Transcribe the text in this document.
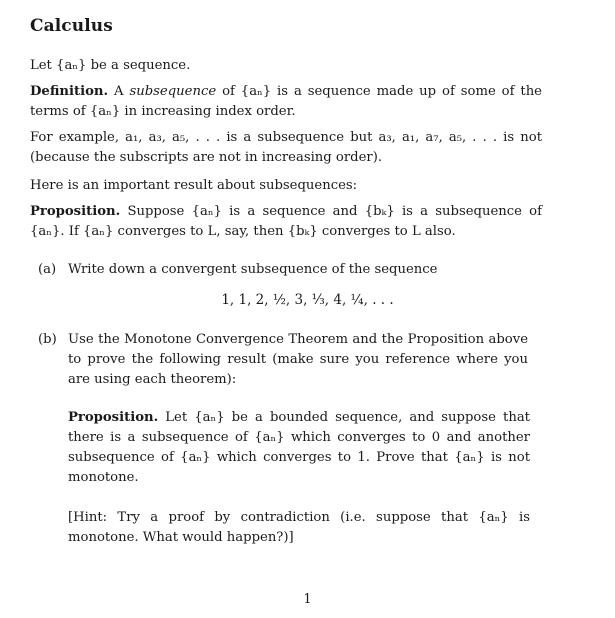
Calculus
Let {aₙ} be a sequence.
Definition. A subsequence of {aₙ} is a sequence made up of some of the terms of {aₙ} in increasing index order.
For example, a₁, a₃, a₅, . . . is a subsequence but a₃, a₁, a₇, a₅, . . . is not (because the subscripts are not in increasing order).
Here is an important result about subsequences:
Proposition. Suppose {aₙ} is a sequence and {bₖ} is a subsequence of {aₙ}. If {aₙ} converges to L, say, then {bₖ} converges to L also.
(a) Write down a convergent subsequence of the sequence
1, 1, 2, ½, 3, ⅓, 4, ¼, . . .
(b) Use the Monotone Convergence Theorem and the Proposition above to prove the following result (make sure you reference where you are using each theorem):
Proposition. Let {aₙ} be a bounded sequence, and suppose that there is a subsequence of {aₙ} which converges to 0 and another subsequence of {aₙ} which converges to 1. Prove that {aₙ} is not monotone.
[Hint: Try a proof by contradiction (i.e. suppose that {aₙ} is monotone. What would happen?)]
1
